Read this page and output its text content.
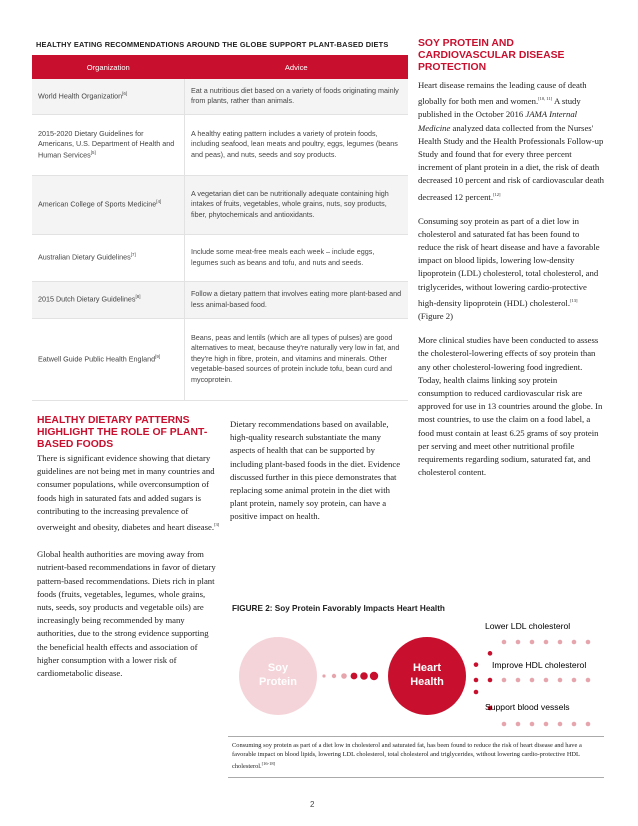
HEALTHY EATING RECOMMENDATIONS AROUND THE GLOBE SUPPORT PLANT-BASED DIETS
Organization	Advice
World Health Organization[6]	Eat a nutritious diet based on a variety of foods originating mainly from plants, rather than animals.
2015-2020 Dietary Guidelines for Americans, U.S. Department of Health and Human Services[5]	A healthy eating pattern includes a variety of protein foods, including seafood, lean meats and poultry, eggs, legumes (beans and peas), and nuts, seeds and soy products.
American College of Sports Medicine[4]	A vegetarian diet can be nutritionally adequate containing high intakes of fruits, vegetables, whole grains, nuts, soy products, fiber, phytochemicals and antioxidants.
Australian Dietary Guidelines[7]	Include some meat-free meals each week – include eggs, legumes such as beans and tofu, and nuts and seeds.
2015 Dutch Dietary Guidelines[8]	Follow a dietary pattern that involves eating more plant-based and less animal-based food.
Eatwell Guide Public Health England[9]	Beans, peas and lentils (which are all types of pulses) are good alternatives to meat, because they're naturally very low in fat, and they're high in fibre, protein, and vitamins and minerals. Other vegetable-based sources of protein include tofu, bean curd and mycoprotein.
HEALTHY DIETARY PATTERNS HIGHLIGHT THE ROLE OF PLANT-BASED FOODS

There is significant evidence showing that dietary guidelines are not being met in many countries and consumer populations, while overconsumption of foods high in saturated fats and added sugars is contributing to the increasing prevalence of overweight and obesity, diabetes and heart disease.[3]

Global health authorities are moving away from nutrient-based recommendations in favor of dietary pattern-based recommendations. Diets rich in plant foods (fruits, vegetables, legumes, whole grains, nuts, seeds, soy products and vegetable oils) are increasingly being recommended by many authorities, due to the strong evidence supporting the beneficial health effects and association of higher consumption with a lower risk of cardiometabolic disease.

Dietary recommendations based on available, high-quality research substantiate the many aspects of health that can be supported by including plant-based foods in the diet. Evidence discussed further in this piece demonstrates that replacing some animal protein in the diet with plant protein, namely soy protein, can have a positive impact on health.

SOY PROTEIN AND CARDIOVASCULAR DISEASE PROTECTION

Heart disease remains the leading cause of death globally for both men and women.[10, 11] A study published in the October 2016 JAMA Internal Medicine analyzed data collected from the Nurses' Health Study and the Health Professionals Follow-up Study and found that for every three percent increment of plant protein in a diet, the risk of death decreased 10 percent and risk of cardiovascular death decreased 12 percent.[12]

Consuming soy protein as part of a diet low in cholesterol and saturated fat has been found to reduce the risk of heart disease and have a favorable impact on blood lipids, lowering low-density lipoprotein (LDL) cholesterol, total cholesterol, and triglycerides, without lowering cardio-protective high-density lipoprotein (HDL) cholesterol.[13] (Figure 2)

More clinical studies have been conducted to assess the cholesterol-lowering effects of soy protein than any other cholesterol-lowering food ingredient. Today, health claims linking soy protein consumption to reduced cardiovascular risk are approved for use in 13 countries around the globe. In most countries, to use the claim on a food label, a food must contain at least 6.25 grams of soy protein per serving and meet other nutritional profile requirements regarding sodium, saturated fat, and cholesterol content.

FIGURE 2: Soy Protein Favorably Impacts Heart Health
Soy
Protein
Heart
Health
Lower LDL cholesterol
Improve HDL cholesterol
Support blood vessels
Consuming soy protein as part of a diet low in cholesterol and saturated fat, has been found to reduce the risk of heart disease and have a favorable impact on blood lipids, lowering LDL cholesterol, total cholesterol and triglycerides, without lowering cardio-protective HDL cholesterol.[16-18]
2
